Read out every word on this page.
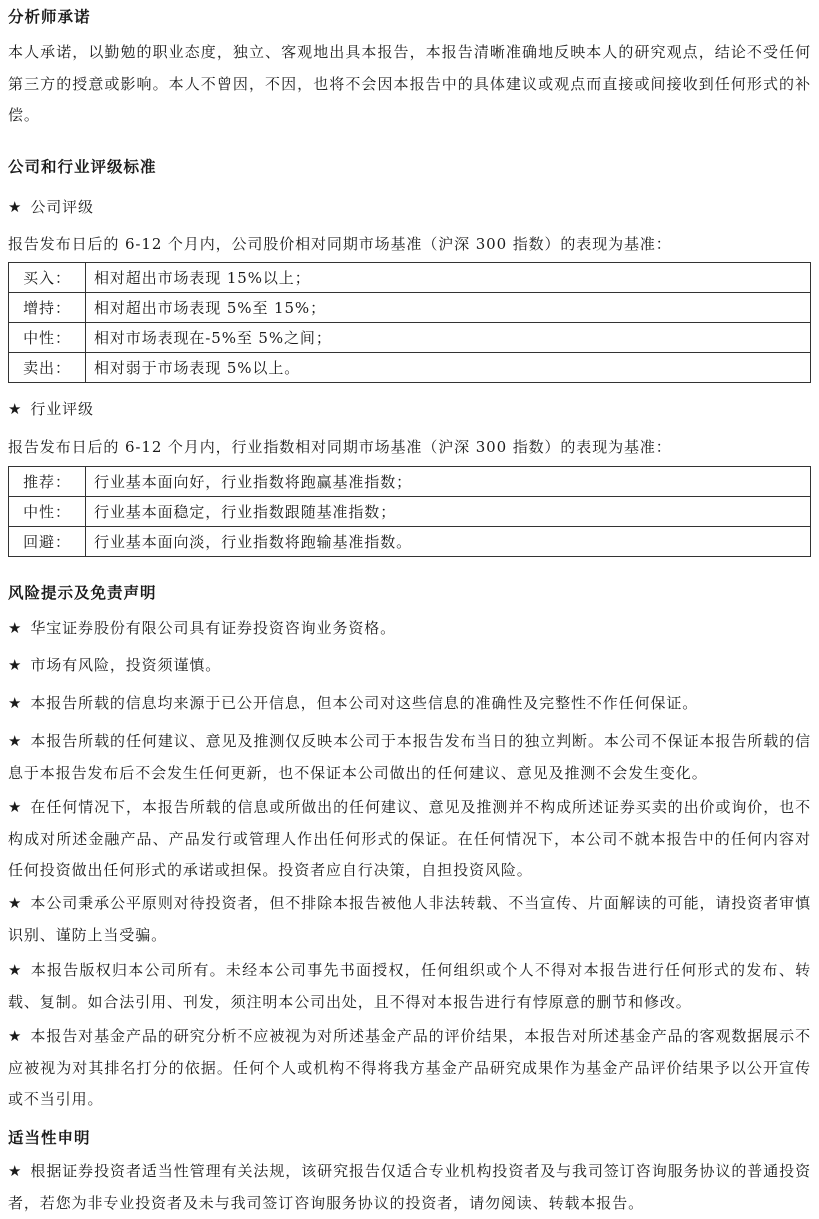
分析师承诺
本人承诺，以勤勉的职业态度，独立、客观地出具本报告，本报告清晰准确地反映本人的研究观点，结论不受任何第三方的授意或影响。本人不曾因，不因，也将不会因本报告中的具体建议或观点而直接或间接收到任何形式的补偿。
公司和行业评级标准
★ 公司评级
报告发布日后的 6-12 个月内，公司股价相对同期市场基准（沪深 300 指数）的表现为基准：
买入：	相对超出市场表现 15%以上；
增持：	相对超出市场表现 5%至 15%；
中性：	相对市场表现在-5%至 5%之间；
卖出：	相对弱于市场表现 5%以上。
★ 行业评级
报告发布日后的 6-12 个月内，行业指数相对同期市场基准（沪深 300 指数）的表现为基准：
推荐：	行业基本面向好，行业指数将跑赢基准指数；
中性：	行业基本面稳定，行业指数跟随基准指数；
回避：	行业基本面向淡，行业指数将跑输基准指数。
风险提示及免责声明
★ 华宝证券股份有限公司具有证券投资咨询业务资格。
★ 市场有风险，投资须谨慎。
★ 本报告所载的信息均来源于已公开信息，但本公司对这些信息的准确性及完整性不作任何保证。
★ 本报告所载的任何建议、意见及推测仅反映本公司于本报告发布当日的独立判断。本公司不保证本报告所载的信息于本报告发布后不会发生任何更新，也不保证本公司做出的任何建议、意见及推测不会发生变化。
★ 在任何情况下，本报告所载的信息或所做出的任何建议、意见及推测并不构成所述证券买卖的出价或询价，也不构成对所述金融产品、产品发行或管理人作出任何形式的保证。在任何情况下，本公司不就本报告中的任何内容对任何投资做出任何形式的承诺或担保。投资者应自行决策，自担投资风险。
★ 本公司秉承公平原则对待投资者，但不排除本报告被他人非法转载、不当宣传、片面解读的可能，请投资者审慎识别、谨防上当受骗。
★ 本报告版权归本公司所有。未经本公司事先书面授权，任何组织或个人不得对本报告进行任何形式的发布、转载、复制。如合法引用、刊发，须注明本公司出处，且不得对本报告进行有悖原意的删节和修改。
★ 本报告对基金产品的研究分析不应被视为对所述基金产品的评价结果，本报告对所述基金产品的客观数据展示不应被视为对其排名打分的依据。任何个人或机构不得将我方基金产品研究成果作为基金产品评价结果予以公开宣传或不当引用。
适当性申明
★ 根据证券投资者适当性管理有关法规，该研究报告仅适合专业机构投资者及与我司签订咨询服务协议的普通投资者，若您为非专业投资者及未与我司签订咨询服务协议的投资者，请勿阅读、转载本报告。
